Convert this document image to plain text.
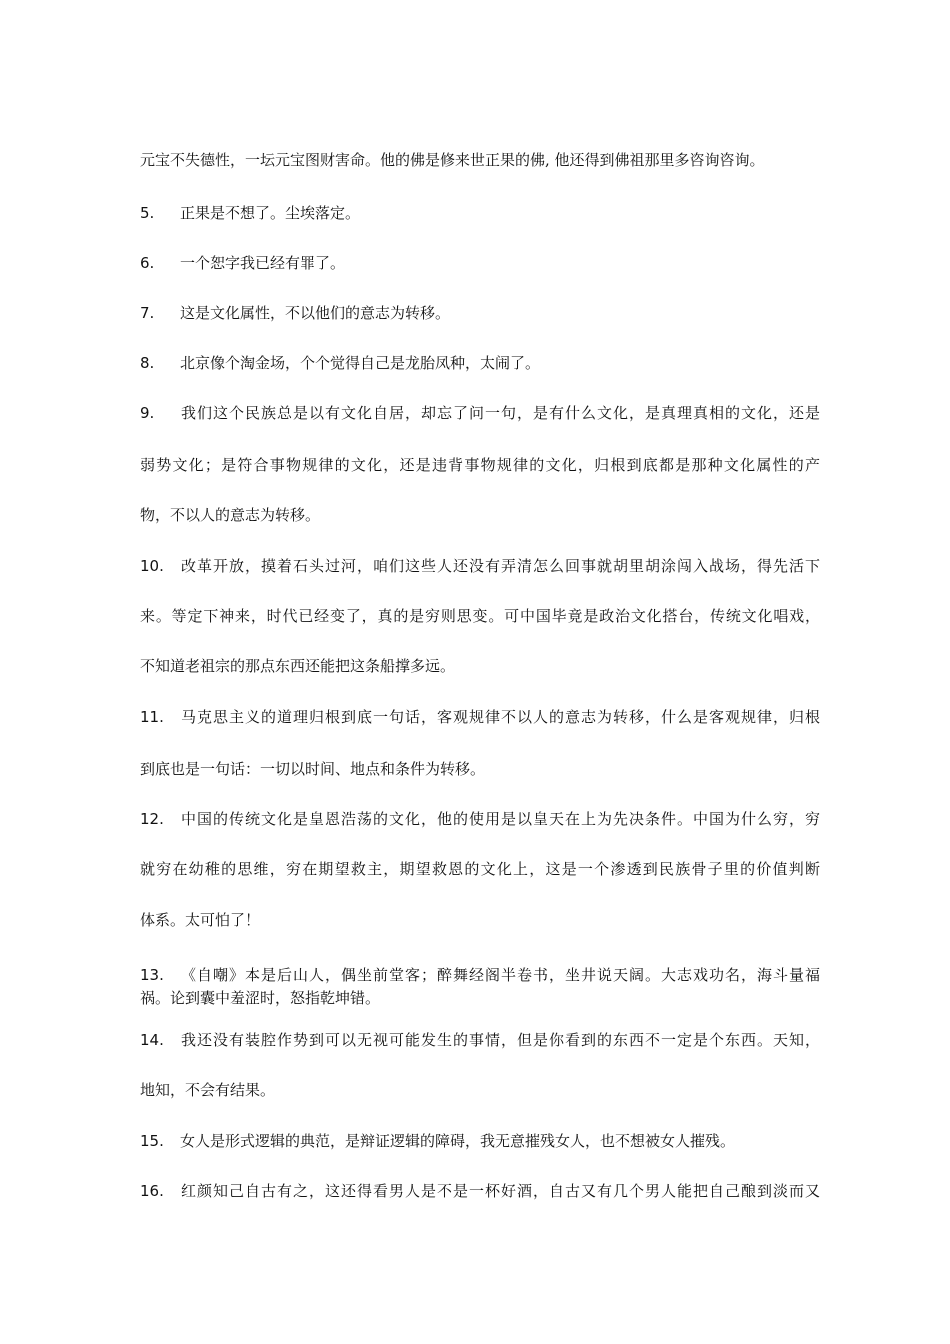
元宝不失德性，一坛元宝图财害命。他的佛是修来世正果的佛, 他还得到佛祖那里多咨询咨询。
5. 正果是不想了。尘埃落定。
6. 一个恕字我已经有罪了。
7. 这是文化属性，不以他们的意志为转移。
8. 北京像个淘金场，个个觉得自己是龙胎凤种，太闹了。
9. 我们这个民族总是以有文化自居，却忘了问一句，是有什么文化，是真理真相的文化，还是
弱势文化；是符合事物规律的文化，还是违背事物规律的文化，归根到底都是那种文化属性的产
物，不以人的意志为转移。
10. 改革开放，摸着石头过河，咱们这些人还没有弄清怎么回事就胡里胡涂闯入战场，得先活下
来。等定下神来，时代已经变了，真的是穷则思变。可中国毕竟是政治文化搭台，传统文化唱戏，
不知道老祖宗的那点东西还能把这条船撑多远。
11. 马克思主义的道理归根到底一句话，客观规律不以人的意志为转移，什么是客观规律，归根
到底也是一句话：一切以时间、地点和条件为转移。
12. 中国的传统文化是皇恩浩荡的文化，他的使用是以皇天在上为先决条件。中国为什么穷，穷
就穷在幼稚的思维，穷在期望救主，期望救恩的文化上，这是一个渗透到民族骨子里的价值判断
体系。太可怕了！
13. 《自嘲》本是后山人，偶坐前堂客；醉舞经阁半卷书，坐井说天阔。大志戏功名，海斗量福
祸。论到囊中羞涩时，怒指乾坤错。
14. 我还没有装腔作势到可以无视可能发生的事情，但是你看到的东西不一定是个东西。天知，
地知，不会有结果。
15. 女人是形式逻辑的典范，是辩证逻辑的障碍，我无意摧残女人，也不想被女人摧残。
16. 红颜知己自古有之，这还得看男人是不是一杯好酒，自古又有几个男人能把自己酿到淡而又
